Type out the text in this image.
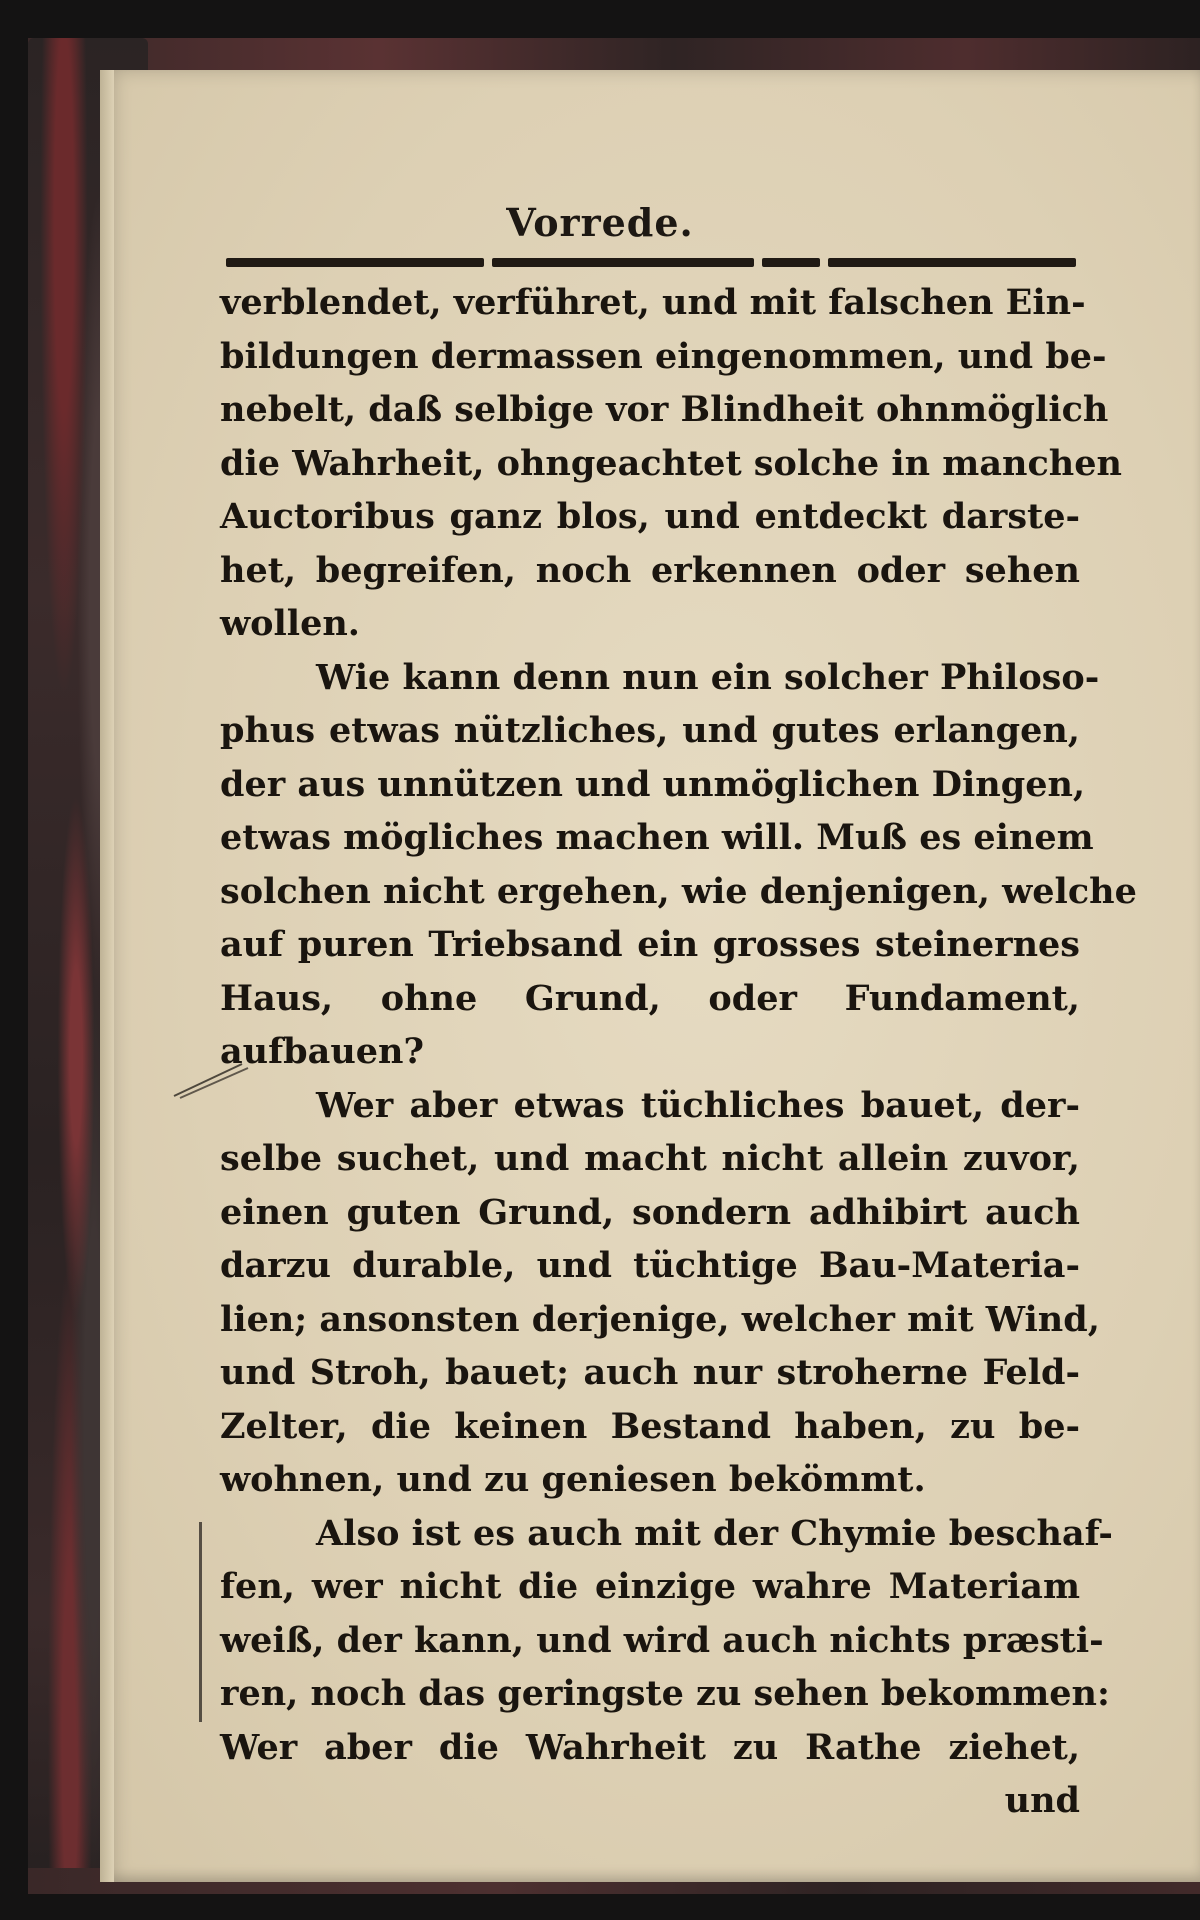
Vorrede.
verblendet, verführet, und mit falschen Ein-
bildungen dermassen eingenommen, und be-
nebelt, daß selbige vor Blindheit ohnmöglich
die Wahrheit, ohngeachtet solche in manchen
Auctoribus ganz blos, und entdeckt darste-
het, begreifen, noch erkennen oder sehen
wollen.
Wie kann denn nun ein solcher Philoso-
phus etwas nützliches, und gutes erlangen,
der aus unnützen und unmöglichen Dingen,
etwas mögliches machen will. Muß es einem
solchen nicht ergehen, wie denjenigen, welche
auf puren Triebsand ein grosses steinernes
Haus, ohne Grund, oder Fundament,
aufbauen?
Wer aber etwas tüchliches bauet, der-
selbe suchet, und macht nicht allein zuvor,
einen guten Grund, sondern adhibirt auch
darzu durable, und tüchtige Bau-Materia-
lien; ansonsten derjenige, welcher mit Wind,
und Stroh, bauet; auch nur stroherne Feld-
Zelter, die keinen Bestand haben, zu be-
wohnen, und zu geniesen bekömmt.
Also ist es auch mit der Chymie beschaf-
fen, wer nicht die einzige wahre Materiam
weiß, der kann, und wird auch nichts præsti-
ren, noch das geringste zu sehen bekommen:
Wer aber die Wahrheit zu Rathe ziehet,
und
